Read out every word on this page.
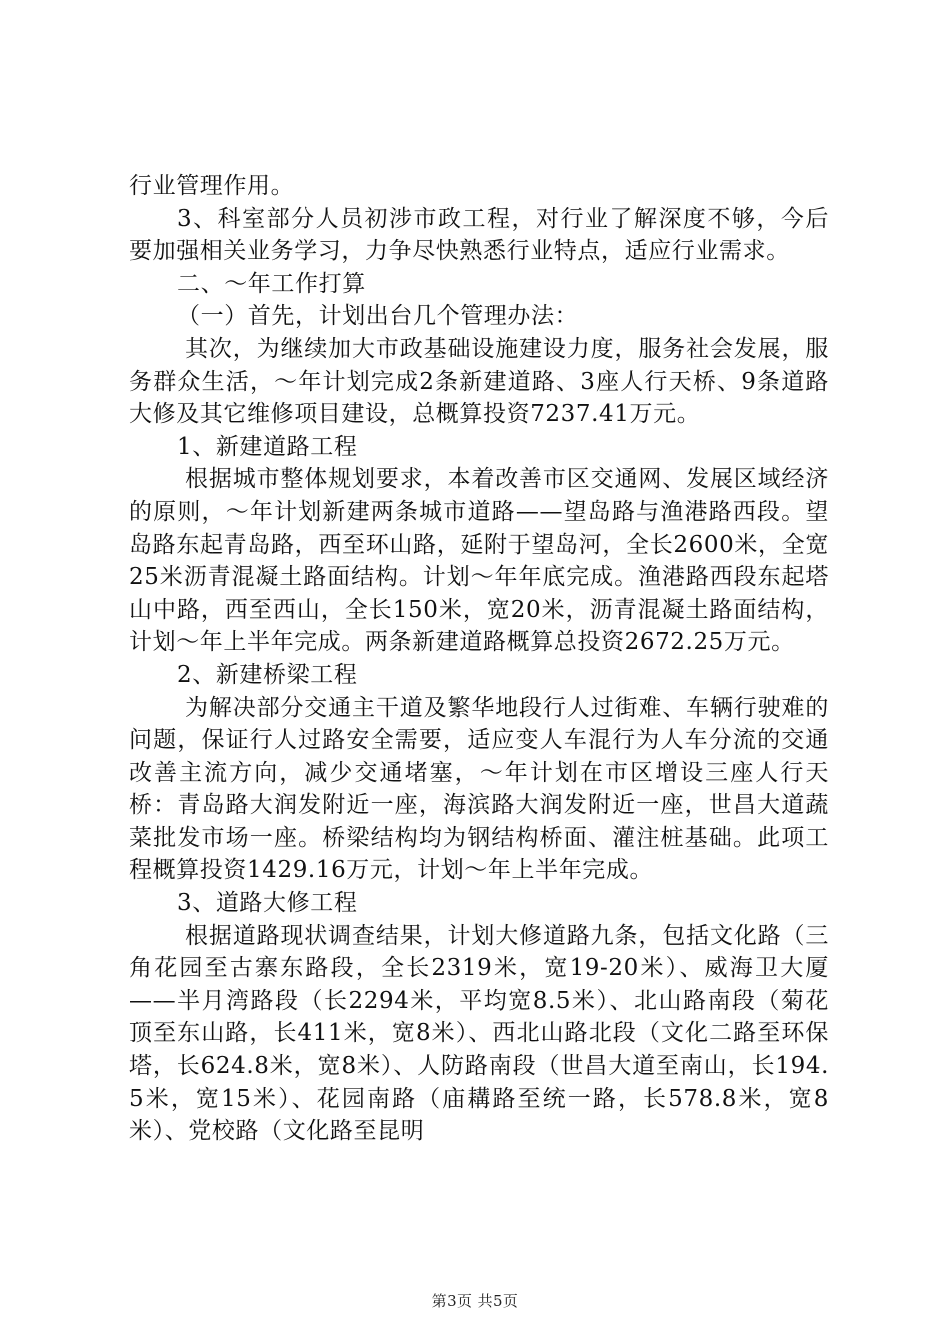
行业管理作用。

3、科室部分人员初涉市政工程，对行业了解深度不够，今后要加强相关业务学习，力争尽快熟悉行业特点，适应行业需求。

二、～年工作打算

（一）首先，计划出台几个管理办法：

其次，为继续加大市政基础设施建设力度，服务社会发展，服务群众生活，～年计划完成2条新建道路、3座人行天桥、9条道路大修及其它维修项目建设，总概算投资7237.41万元。

1、新建道路工程

根据城市整体规划要求，本着改善市区交通网、发展区域经济的原则，～年计划新建两条城市道路——望岛路与渔港路西段。望岛路东起青岛路，西至环山路，延附于望岛河，全长2600米，全宽25米沥青混凝土路面结构。计划～年年底完成。渔港路西段东起塔山中路，西至西山，全长150米，宽20米，沥青混凝土路面结构，计划～年上半年完成。两条新建道路概算总投资2672.25万元。

2、新建桥梁工程

为解决部分交通主干道及繁华地段行人过街难、车辆行驶难的问题，保证行人过路安全需要，适应变人车混行为人车分流的交通改善主流方向，减少交通堵塞，～年计划在市区增设三座人行天桥：青岛路大润发附近一座，海滨路大润发附近一座，世昌大道蔬菜批发市场一座。桥梁结构均为钢结构桥面、灌注桩基础。此项工程概算投资1429.16万元，计划～年上半年完成。

3、道路大修工程

根据道路现状调查结果，计划大修道路九条，包括文化路（三角花园至古寨东路段，全长2319米，宽19-20米）、威海卫大厦——半月湾路段（长2294米，平均宽8.5米）、北山路南段（菊花顶至东山路，长411米，宽8米）、西北山路北段（文化二路至环保塔，长624.8米，宽8米）、人防路南段（世昌大道至南山，长194.5米，宽15米）、花园南路（庙耩路至统一路，长578.8米，宽8米）、党校路（文化路至昆明

第3页 共5页
